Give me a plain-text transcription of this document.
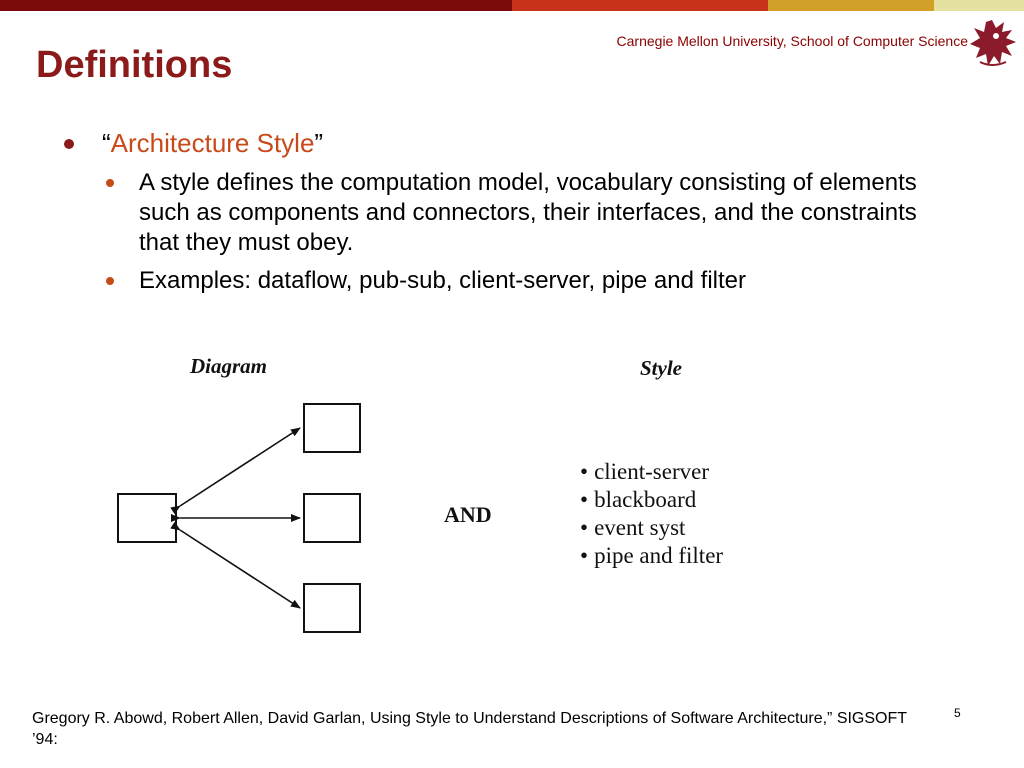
Carnegie Mellon University, School of Computer Science
Definitions
“Architecture Style”
A style defines the computation model, vocabulary consisting of elements such as components and connectors, their interfaces, and the constraints that they must obey.
Examples: dataflow, pub-sub, client-server, pipe and filter
Diagram
AND
Style
• client-server
• blackboard
• event syst
• pipe and filter
Gregory R. Abowd, Robert Allen, David Garlan, Using Style to Understand Descriptions of Software Architecture,” SIGSOFT ’94:
5
